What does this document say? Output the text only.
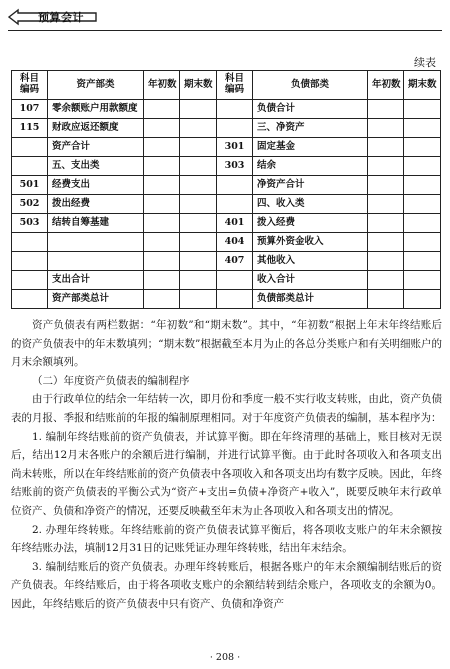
预算会计
续表
科目编码	资产部类	年初数	期末数	科目编码	负债部类	年初数	期末数
107	零余额账户用款额度				负债合计		
115	财政应返还额度				三、净资产		
	资产合计			301	固定基金		
	五、支出类			303	结余		
501	经费支出				净资产合计		
502	拨出经费				四、收入类		
503	结转自筹基建			401	拨入经费		
				404	预算外资金收入		
				407	其他收入		
	支出合计				收入合计		
	资产部类总计				负债部类总计		

资产负债表有两栏数据：“年初数”和“期末数”。其中，“年初数”根据上年末年终结账后的资产负债表中的年末数填列；“期末数”根据截至本月为止的各总分类账户和有关明细账户的月末余额填列。

（二）年度资产负债表的编制程序

由于行政单位的结余一年结转一次，即月份和季度一般不实行收支转账，由此，资产负债表的月报、季报和结账前的年报的编制原理相同。对于年度资产负债表的编制，基本程序为：

1. 编制年终结账前的资产负债表，并试算平衡。即在年终清理的基础上，账目核对无误后，结出12月末各账户的余额后进行编制，并进行试算平衡。由于此时各项收入和各项支出尚未转账，所以在年终结账前的资产负债表中各项收入和各项支出均有数字反映。因此，年终结账前的资产负债表的平衡公式为“资产+支出=负债+净资产+收入”，既要反映年末行政单位资产、负债和净资产的情况，还要反映截至年末为止各项收入和各项支出的情况。

2. 办理年终转账。年终结账前的资产负债表试算平衡后，将各项收支账户的年末余额按年终结账办法，填制12月31日的记账凭证办理年终转账，结出年末结余。

3. 编制结账后的资产负债表。办理年终转账后，根据各账户的年末余额编制结账后的资产负债表。年终结账后，由于将各项收支账户的余额结转到结余账户，各项收支的余额为0。因此，年终结账后的资产负债表中只有资产、负债和净资产

· 208 ·
